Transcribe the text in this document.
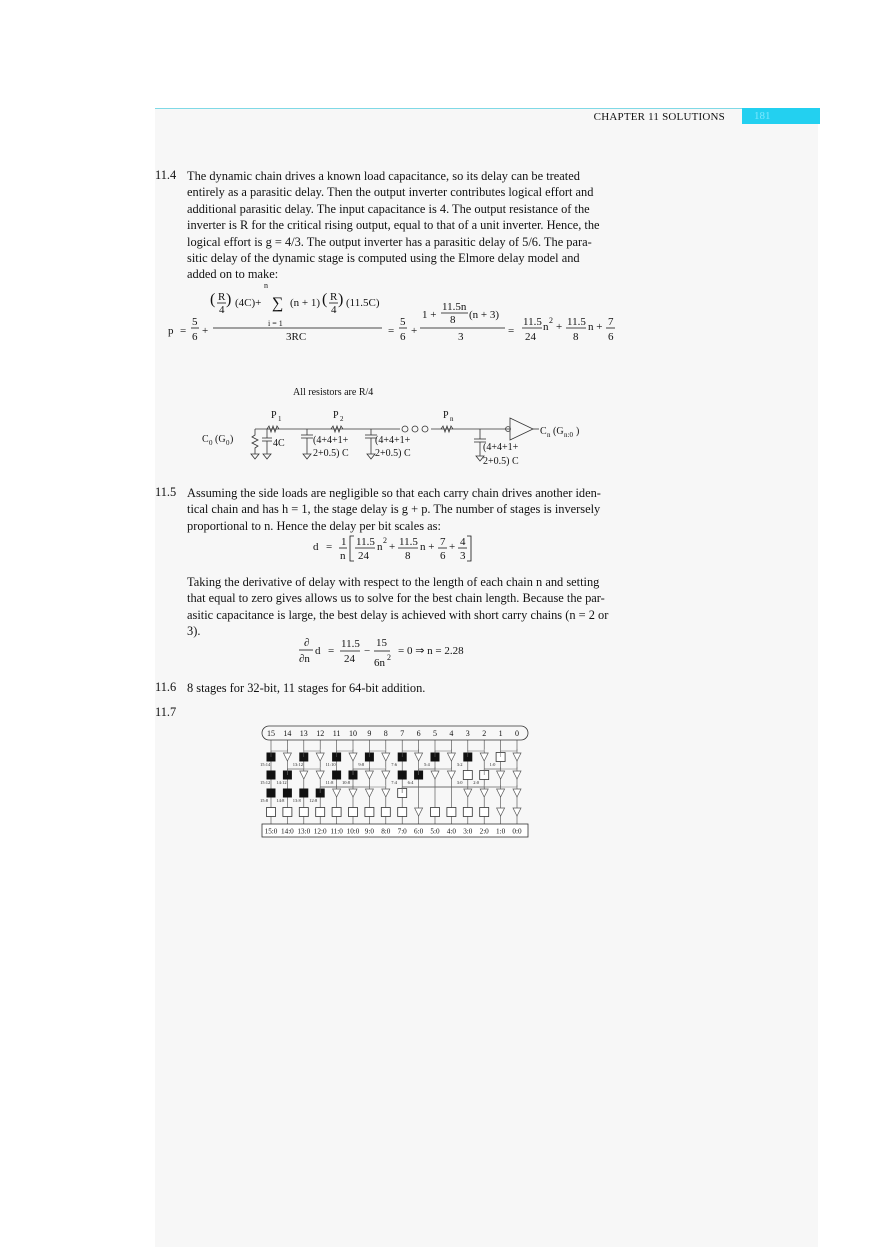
CHAPTER 11 SOLUTIONS	181
11.4 The dynamic chain drives a known load capacitance, so its delay can be treated
entirely as a parasitic delay. Then the output inverter contributes logical effort and
additional parasitic delay. The input capacitance is 4. The output resistance of the
inverter is R for the critical rising output, equal to that of a unit inverter. Hence, the
logical effort is g = 4/3. The output inverter has a parasitic delay of 5/6. The para-
sitic delay of the dynamic stage is computed using the Elmore delay model and
added on to make:
n
p =
5
6 +
( R
4
) (4C)+ ∑
i = 1
(n + 1) ( R
4
) (11.5C)
3RC	=
5
6 +
1 +
11.5n
8 (n + 3)
3	=
11.5
24
n
2
+ 11.5
8
n + 7
6
All resistors are R/4
P 1	P 2	P n
C 0 (G 0 )	4C	(4+4+1+
2+0.5) C
(4+4+1+
2+0.5) C
(4+4+1+
2+0.5) C
C n (G n:0 )
11.5 Assuming the side loads are negligible so that each carry chain drives another iden-
tical chain and has h = 1, the stage delay is g + p. The number of stages is inversely
proportional to n. Hence the delay per bit scales as:
d = 1
n
11.5
24
n
2
+ 11.5
8
n + 7
6
+ 4
3
Taking the derivative of delay with respect to the length of each chain n and setting
that equal to zero gives allows us to solve for the best chain length. Because the par-
asitic capacitance is large, the best delay is achieved with short carry chains (n = 2 or
3).
∂
∂n
d =
11.5
24
−
15
6n 2
= 0 ⇒ n = 2.28
11.6 8 stages for 32-bit, 11 stages for 64-bit addition.
11.7
15 14 13 12 11 10 9 8 7 6 5 4 3 2 1 0
15:14	13:12	11:10	9:8	7:6	5:4	3:2	1:0
15:12 14:12	11:8 10:8	7:4 6:4	3:0 2:0
15:8 14:8 13:8 12:8
15:0 14:0 13:0 12:0 11:0 10:0 9:0 8:0 7:0 6:0 5:0 4:0 3:0 2:0 1:0 0:0
